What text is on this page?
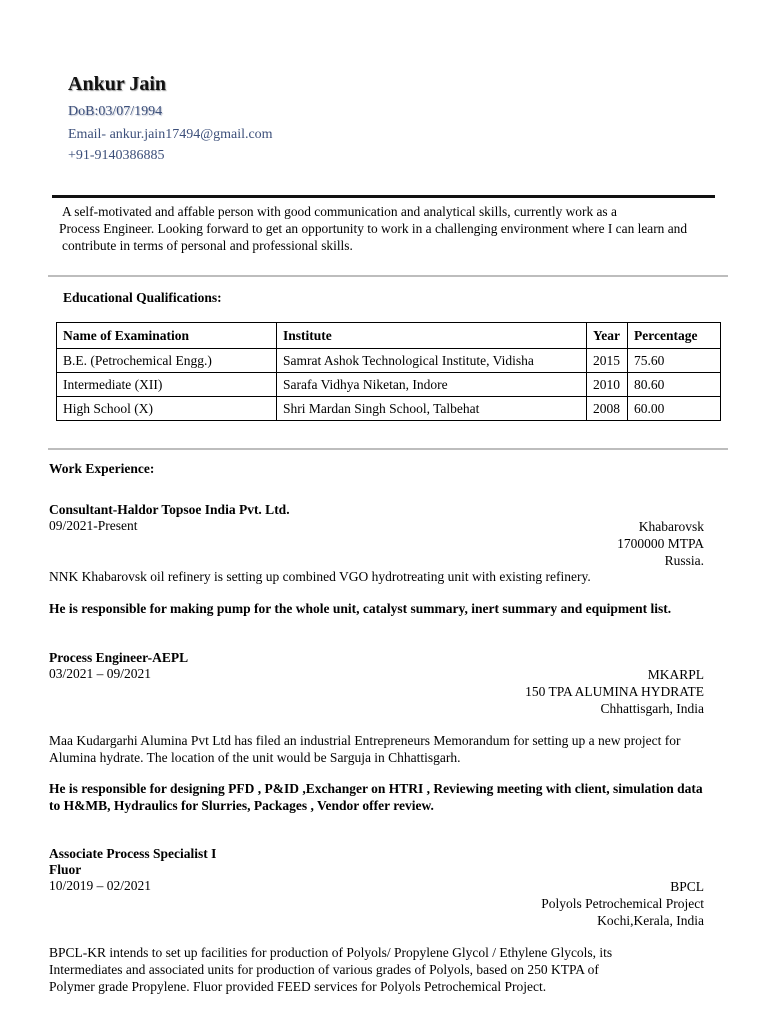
Ankur Jain
DoB:03/07/1994
Email- ankur.jain17494@gmail.com
+91-9140386885
A self-motivated and affable person with good communication and analytical skills, currently work as a
Process Engineer. Looking forward to get an opportunity to work in a challenging environment where I can learn and
contribute in terms of personal and professional skills.
Educational Qualifications:
Name of Examination	Institute	Year	Percentage
B.E. (Petrochemical Engg.)	Samrat Ashok Technological Institute, Vidisha	2015	75.60
Intermediate (XII)	Sarafa Vidhya Niketan, Indore	2010	80.60
High School (X)	Shri Mardan Singh School, Talbehat	2008	60.00
Work Experience:
Consultant-Haldor Topsoe India Pvt. Ltd.
09/2021-Present	Khabarovsk
1700000 MTPA
Russia.
NNK Khabarovsk oil refinery is setting up combined VGO hydrotreating unit with existing refinery.
He is responsible for making pump for the whole unit, catalyst summary, inert summary and equipment list.
Process Engineer-AEPL
03/2021 – 09/2021	MKARPL
150 TPA ALUMINA HYDRATE
Chhattisgarh, India
Maa Kudargarhi Alumina Pvt Ltd has filed an industrial Entrepreneurs Memorandum for setting up a new project for
Alumina hydrate. The location of the unit would be Sarguja in Chhattisgarh.
He is responsible for designing PFD , P&ID ,Exchanger on HTRI , Reviewing meeting with client, simulation data
to H&MB, Hydraulics for Slurries, Packages , Vendor offer review.
Associate Process Specialist I
Fluor
10/2019 – 02/2021	BPCL
Polyols Petrochemical Project
Kochi,Kerala, India
BPCL-KR intends to set up facilities for production of Polyols/ Propylene Glycol / Ethylene Glycols, its
Intermediates and associated units for production of various grades of Polyols, based on 250 KTPA of
Polymer grade Propylene. Fluor provided FEED services for Polyols Petrochemical Project.
